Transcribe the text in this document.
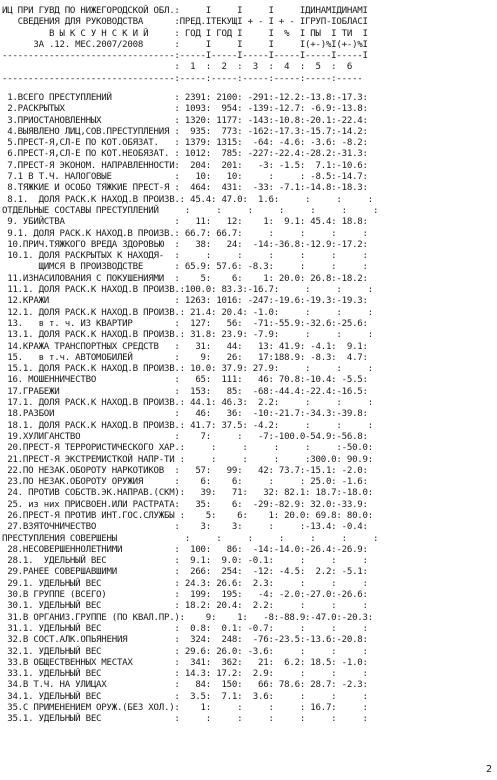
ИЦ ПРИ ГУВД ПО НИЖЕГОРОДСКОЙ ОБЛ.:     I     I     I     IДИНАМIДИНАМI
СВЕДЕНИЯ ДЛЯ РУКОВОДСТВА      :ПРЕД.IТЕКУЩI + - I + - IГРУП-IОБЛАСI
В Ы К С У Н С К И Й     : ГОД I ГОД I     I  %  I ПЫ  I ТИ  I
ЗА .12. МЕС.2007/2008      :     I     I     I     I(+-)%I(+-)%I
---------------------------------:-----I-----I-----I-----I-----I-----I
:  1  :  2  :  3  :  4  :  5  :  6
---------------------------------:-----:-----:-----:-----:-----:-----
1.ВСЕГО ПРЕСТУПЛЕНИЙ            : 2391: 2100: -291:-12.2:-13.8:-17.3:
2.РАСКРЫТЫХ                     : 1093:  954: -139:-12.7: -6.9:-13.8:
3.ПРИОСТАНОВЛЕННЫХ              : 1320: 1177: -143:-10.8:-20.1:-22.4:
4.ВЫЯВЛЕНО ЛИЦ,СОВ.ПРЕСТУПЛЕНИЯ :  935:  773: -162:-17.3:-15.7:-14.2:
5.ПРЕСТ-Я,СЛ-Е ПО КОТ.ОБЯЗАТ.   : 1379: 1315:  -64: -4.6: -3.6: -8.2:
6.ПРЕСТ-Я,СЛ-Е ПО КОТ.НЕОБЯЗАТ. : 1012:  785: -227:-22.4:-28.2:-31.3:
7.ПРЕСТ-Я ЭКОНОМ. НАПРАВЛЕННОСТИ:  204:  201:   -3: -1.5:  7.1:-10.6:
7.1 В Т.Ч. НАЛОГОВЫЕ            :   10:   10:     :     : -8.5:-14.7:
8.ТЯЖКИЕ И ОСОБО ТЯЖКИЕ ПРЕСТ-Я :  464:  431:  -33: -7.1:-14.8:-18.3:
8.1.  ДОЛЯ РАСК.К НАХОД.В ПРОИЗВ.: 45.4: 47.0:  1.6:     :     :     :
ОТДЕЛЬНЫЕ СОСТАВЫ ПРЕСТУПЛЕНИЙ     :     :     :     :     :     :     :
9. УБИЙСТВА                     :   11:   12:    1:  9.1: 45.4: 18.8:
9.1. ДОЛЯ РАСК.К НАХОД.В ПРОИЗВ.: 66.7: 66.7:     :     :     :     :
10.ПРИЧ.ТЯЖКОГО ВРЕДА ЗДОРОВЬЮ  :   38:   24:  -14:-36.8:-12.9:-17.2:
10.1. ДОЛЯ РАСКРЫТЫХ К НАХОДЯ-  :     :     :     :     :     :     :
ЩИМСЯ В ПРОИЗВОДСТВЕ      : 65.9: 57.6: -8.3:     :     :     :
11.ИЗНАСИЛОВАНИЯ С ПОКУШЕНИЯМИ  :    5:    6:    1: 20.0: 26.8:-18.2:
11.1. ДОЛЯ РАСК.К НАХОД.В ПРОИЗВ.:100.0: 83.3:-16.7:     :     :     :
12.КРАЖИ                        : 1263: 1016: -247:-19.6:-19.3:-19.3:
12.1. ДОЛЯ РАСК.К НАХОД.В ПРОИЗВ.: 21.4: 20.4: -1.0:     :     :     :
13.   в т. ч. ИЗ КВАРТИР        :  127:   56:  -71:-55.9:-32.6:-25.6:
13.1. ДОЛЯ РАСК.К НАХОД.В ПРОИЗВ.: 31.8: 23.9: -7.9:     :     :     :
14.КРАЖА ТРАНСПОРТНЫХ СРЕДСТВ   :   31:   44:   13: 41.9: -4.1:  9.1:
15.   в т.ч. АВТОМОБИЛЕЙ        :    9:   26:   17:188.9: -8.3:  4.7:
15.1. ДОЛЯ РАСК.К НАХОД.В ПРОИЗВ.: 10.0: 37.9: 27.9:     :     :     :
16. МОШЕННИЧЕСТВО               :   65:  111:   46: 70.8:-10.4: -5.5:
17.ГРАБЕЖИ                      :  153:   85:  -68:-44.4:-22.4:-16.5:
17.1. ДОЛЯ РАСК.К НАХОД.В ПРОИЗВ.: 44.1: 46.3:  2.2:     :     :     :
18.РАЗБОИ                       :   46:   36:  -10:-21.7:-34.3:-39.8:
18.1. ДОЛЯ РАСК.К НАХОД.В ПРОИЗВ.: 41.7: 37.5: -4.2:     :     :     :
19.ХУЛИГАНСТВО                  :    7:     :   -7:-100.0-54.9:-56.8:
20.ПРЕСТ-Я ТЕРРОРИСТИЧЕСКОГО ХАР.:     :     :     :     :     :-50.0:
21.ПРЕСТ-Я ЭКСТРЕМИСТКОЙ НАПР-ТИ :     :     :     :     :300.0: 90.9:
22.ПО НЕЗАК.ОБОРОТУ НАРКОТИКОВ  :   57:   99:   42: 73.7:-15.1: -2.0:
23.ПО НЕЗАК.ОБОРОТУ ОРУЖИЯ      :    6:    6:     :     : 25.0: -1.6:
24. ПРОТИВ СОБСТВ.ЭК.НАПРАВ.(СКМ):   39:   71:   32: 82.1: 18.7:-18.0:
25. из них ПРИСВОЕН.ИЛИ РАСТРАТА:   35:    6:  -29:-82.9: 32.0:-33.9:
26.ПРЕСТ-Я ПРОТИВ ИНТ.ГОС.СЛУЖБЫ :    5:    6:    1: 20.0: 69.8: 80.0:
27.ВЗЯТОЧНИЧЕСТВО               :    3:    3:     :     :-13.4: -0.4:
ПРЕСТУПЛЕНИЯ СОВЕРШЕНЫ             :     :     :     :     :     :     :
28.НЕСОВЕРШЕННОЛЕТНИМИ          :  100:   86:  -14:-14.0:-26.4:-26.9:
28.1.  УДЕЛЬНЫЙ ВЕС             :  9.1:  9.0: -0.1:     :     :     :
29.РАНЕЕ СОВЕРШАВШИМИ           :  266:  254:  -12: -4.5:  2.2: -5.1:
29.1. УДЕЛЬНЫЙ ВЕС              : 24.3: 26.6:  2.3:     :     :     :
30.В ГРУППЕ (ВСЕГО)             :  199:  195:   -4: -2.0:-27.0:-26.6:
30.1. УДЕЛЬНЫЙ ВЕС              : 18.2: 20.4:  2.2:     :     :     :
31.В ОРГАНИЗ.ГРУППЕ (ПО КВАЛ.ПР.):    9:    1:   -8:-88.9:-47.0:-20.3:
31.1. УДЕЛЬНЫЙ ВЕС              :  0.8:  0.1: -0.7:     :     :     :
32.В СОСТ.АЛК.ОПЬЯНЕНИЯ         :  324:  248:  -76:-23.5:-13.6:-20.8:
32.1. УДЕЛЬНЫЙ ВЕС              : 29.6: 26.0: -3.6:     :     :     :
33.В ОБЩЕСТВЕННЫХ МЕСТАХ        :  341:  362:   21:  6.2: 18.5: -1.0:
33.1. УДЕЛЬНЫЙ ВЕС              : 14.3: 17.2:  2.9:     :     :     :
34.В Т.Ч. НА УЛИЦАХ             :   84:  150:   66: 78.6: 28.7: -2.3:
34.1. УДЕЛЬНЫЙ ВЕС              :  3.5:  7.1:  3.6:     :     :     :
35.С ПРИМЕНЕНИЕМ ОРУЖ.(БЕЗ ХОЛ.):    1:     :     :     : 16.7:     :
35.1. УДЕЛЬНЫЙ ВЕС              :     :     :     :     :     :     :
2
